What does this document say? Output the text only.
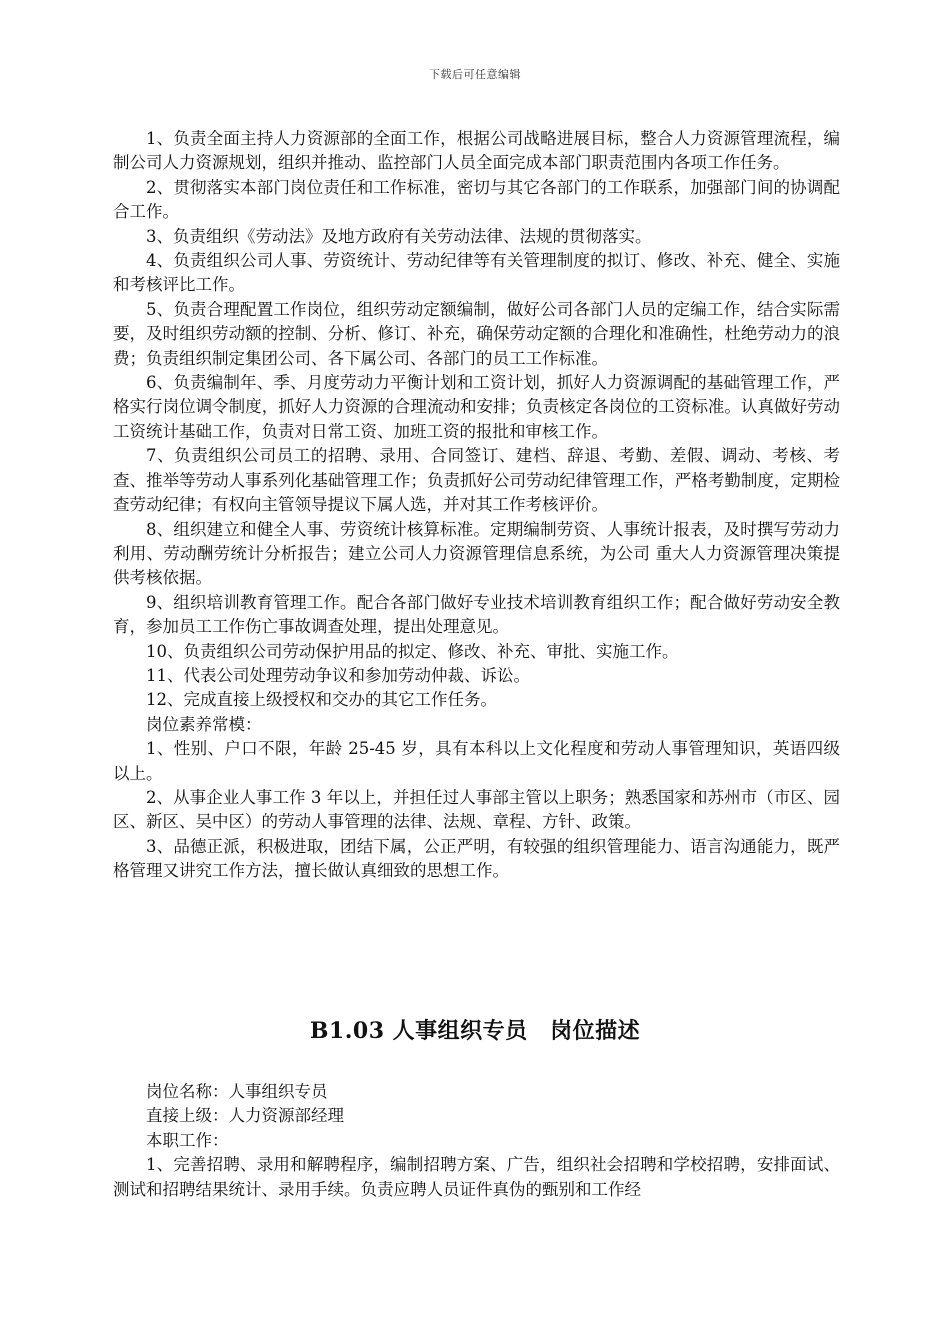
下载后可任意编辑

1、负责全面主持人力资源部的全面工作，根据公司战略进展目标，整合人力资源管理流程，编制公司人力资源规划，组织并推动、监控部门人员全面完成本部门职责范围内各项工作任务。

2、贯彻落实本部门岗位责任和工作标准，密切与其它各部门的工作联系，加强部门间的协调配合工作。

3、负责组织《劳动法》及地方政府有关劳动法律、法规的贯彻落实。

4、负责组织公司人事、劳资统计、劳动纪律等有关管理制度的拟订、修改、补充、健全、实施和考核评比工作。

5、负责合理配置工作岗位，组织劳动定额编制，做好公司各部门人员的定编工作，结合实际需要，及时组织劳动额的控制、分析、修订、补充，确保劳动定额的合理化和准确性，杜绝劳动力的浪费；负责组织制定集团公司、各下属公司、各部门的员工工作标准。

6、负责编制年、季、月度劳动力平衡计划和工资计划，抓好人力资源调配的基础管理工作，严格实行岗位调令制度，抓好人力资源的合理流动和安排；负责核定各岗位的工资标准。认真做好劳动工资统计基础工作，负责对日常工资、加班工资的报批和审核工作。

7、负责组织公司员工的招聘、录用、合同签订、建档、辞退、考勤、差假、调动、考核、考查、推举等劳动人事系列化基础管理工作；负责抓好公司劳动纪律管理工作，严格考勤制度，定期检查劳动纪律；有权向主管领导提议下属人选，并对其工作考核评价。

8、组织建立和健全人事、劳资统计核算标准。定期编制劳资、人事统计报表，及时撰写劳动力利用、劳动酬劳统计分析报告；建立公司人力资源管理信息系统，为公司 重大人力资源管理决策提供考核依据。

9、组织培训教育管理工作。配合各部门做好专业技术培训教育组织工作；配合做好劳动安全教育，参加员工工作伤亡事故调查处理，提出处理意见。

10、负责组织公司劳动保护用品的拟定、修改、补充、审批、实施工作。

11、代表公司处理劳动争议和参加劳动仲裁、诉讼。

12、完成直接上级授权和交办的其它工作任务。

岗位素养常模：

1、性别、户口不限，年龄 25-45 岁，具有本科以上文化程度和劳动人事管理知识，英语四级以上。

2、从事企业人事工作 3 年以上，并担任过人事部主管以上职务；熟悉国家和苏州市（市区、园区、新区、吴中区）的劳动人事管理的法律、法规、章程、方针、政策。

3、品德正派，积极进取，团结下属，公正严明，有较强的组织管理能力、语言沟通能力，既严格管理又讲究工作方法，擅长做认真细致的思想工作。

B1.03 人事组织专员　岗位描述

岗位名称：人事组织专员

直接上级：人力资源部经理

本职工作：

1、完善招聘、录用和解聘程序，编制招聘方案、广告，组织社会招聘和学校招聘，安排面试、测试和招聘结果统计、录用手续。负责应聘人员证件真伪的甄别和工作经
